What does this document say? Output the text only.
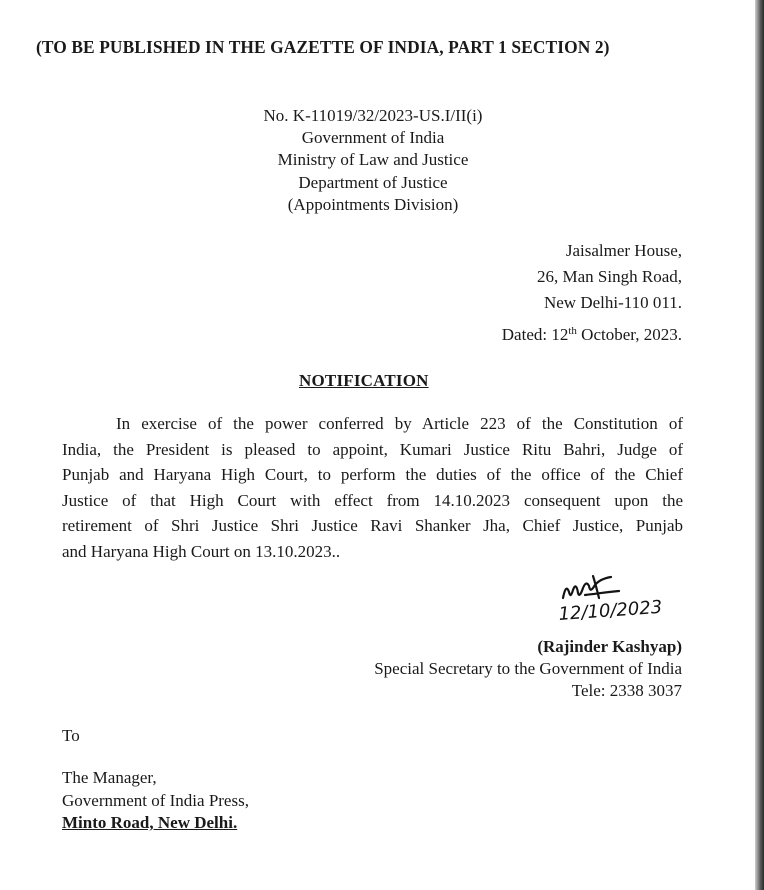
(TO BE PUBLISHED IN THE GAZETTE OF INDIA, PART 1 SECTION 2)
No. K-11019/32/2023-US.I/II(i)
Government of India
Ministry of Law and Justice
Department of Justice
(Appointments Division)
Jaisalmer House,
26, Man Singh Road,
New Delhi-110 011.
Dated: 12th October, 2023.
NOTIFICATION
In exercise of the power conferred by Article 223 of the Constitution of
India, the President is pleased to appoint, Kumari Justice Ritu Bahri, Judge of
Punjab and Haryana High Court, to perform the duties of the office of the Chief
Justice of that High Court with effect from 14.10.2023 consequent upon the
retirement of Shri Justice Shri Justice Ravi Shanker Jha, Chief Justice, Punjab
and Haryana High Court on 13.10.2023..
12/10/2023
(Rajinder Kashyap)
Special Secretary to the Government of India
Tele: 2338 3037
To
The Manager,
Government of India Press,
Minto Road, New Delhi.
